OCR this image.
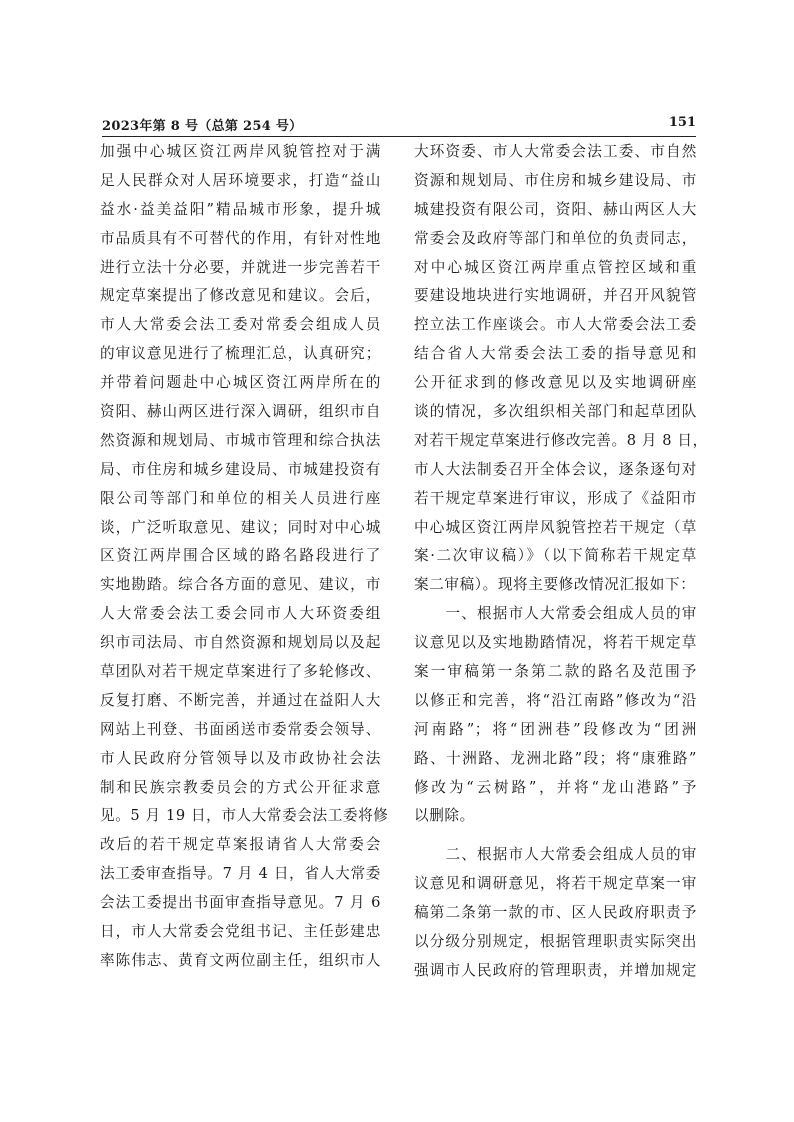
2023年第 8 号（总第 254 号）	151
加强中心城区资江两岸风貌管控对于满
足人民群众对人居环境要求，打造“益山
益水·益美益阳”精品城市形象，提升城
市品质具有不可替代的作用，有针对性地
进行立法十分必要，并就进一步完善若干
规定草案提出了修改意见和建议。会后，
市人大常委会法工委对常委会组成人员
的审议意见进行了梳理汇总，认真研究；
并带着问题赴中心城区资江两岸所在的
资阳、赫山两区进行深入调研，组织市自
然资源和规划局、市城市管理和综合执法
局、市住房和城乡建设局、市城建投资有
限公司等部门和单位的相关人员进行座
谈，广泛听取意见、建议；同时对中心城
区资江两岸围合区域的路名路段进行了
实地勘踏。综合各方面的意见、建议，市
人大常委会法工委会同市人大环资委组
织市司法局、市自然资源和规划局以及起
草团队对若干规定草案进行了多轮修改、
反复打磨、不断完善，并通过在益阳人大
网站上刊登、书面函送市委常委会领导、
市人民政府分管领导以及市政协社会法
制和民族宗教委员会的方式公开征求意
见。5 月 19 日，市人大常委会法工委将修
改后的若干规定草案报请省人大常委会
法工委审查指导。7 月 4 日，省人大常委
会法工委提出书面审查指导意见。7 月 6
日，市人大常委会党组书记、主任彭建忠
率陈伟志、黄育文两位副主任，组织市人
大环资委、市人大常委会法工委、市自然
资源和规划局、市住房和城乡建设局、市
城建投资有限公司，资阳、赫山两区人大
常委会及政府等部门和单位的负责同志，
对中心城区资江两岸重点管控区域和重
要建设地块进行实地调研，并召开风貌管
控立法工作座谈会。市人大常委会法工委
结合省人大常委会法工委的指导意见和
公开征求到的修改意见以及实地调研座
谈的情况，多次组织相关部门和起草团队
对若干规定草案进行修改完善。8 月 8 日，
市人大法制委召开全体会议，逐条逐句对
若干规定草案进行审议，形成了《益阳市
中心城区资江两岸风貌管控若干规定（草
案·二次审议稿）》（以下简称若干规定草
案二审稿）。现将主要修改情况汇报如下：
　　一、根据市人大常委会组成人员的审
议意见以及实地勘踏情况，将若干规定草
案一审稿第一条第二款的路名及范围予
以修正和完善，将“沿江南路”修改为“沿
河南路”；将“团洲巷”段修改为“团洲
路、十洲路、龙洲北路”段；将“康雅路”
修改为“云树路”，并将“龙山港路”予
以删除。
　　二、根据市人大常委会组成人员的审
议意见和调研意见，将若干规定草案一审
稿第二条第一款的市、区人民政府职责予
以分级分别规定，根据管理职责实际突出
强调市人民政府的管理职责，并增加规定
